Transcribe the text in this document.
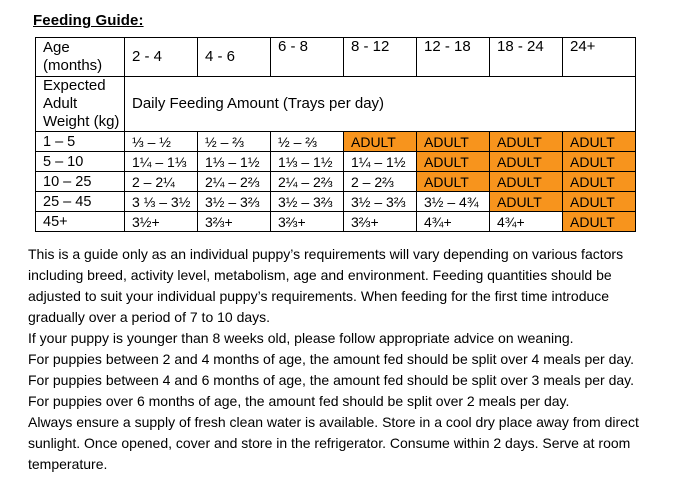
Feeding Guide:
Age
(months)	2 - 4	4 - 6	6 - 8	8 - 12	12 - 18	18 - 24	24+

Expected
Adult
Weight (kg)	Daily Feeding Amount (Trays per day)						
1 – 5	⅓ – ½	½ – ⅔	½ – ⅔	ADULT	ADULT	ADULT	ADULT
5 – 10	1¼ – 1⅓	1⅓ – 1½	1⅓ – 1½	1¼ – 1½	ADULT	ADULT	ADULT
10 – 25	2 – 2¼	2¼ – 2⅔	2¼ – 2⅔	2 – 2⅔	ADULT	ADULT	ADULT
25 – 45	3 ⅓ – 3½	3½ – 3⅔	3½ – 3⅔	3½ – 3⅔	3½ – 4¾	ADULT	ADULT
45+	3½+	3⅔+	3⅔+	3⅔+	4¾+	4¾+	ADULT

This is a guide only as an individual puppy’s requirements will vary depending on various factors including breed, activity level, metabolism, age and environment. Feeding quantities should be adjusted to suit your individual puppy’s requirements. When feeding for the first time introduce gradually over a period of 7 to 10 days.

If your puppy is younger than 8 weeks old, please follow appropriate advice on weaning.

For puppies between 2 and 4 months of age, the amount fed should be split over 4 meals per day.

For puppies between 4 and 6 months of age, the amount fed should be split over 3 meals per day.

For puppies over 6 months of age, the amount fed should be split over 2 meals per day.

Always ensure a supply of fresh clean water is available. Store in a cool dry place away from direct sunlight. Once opened, cover and store in the refrigerator. Consume within 2 days. Serve at room temperature.
